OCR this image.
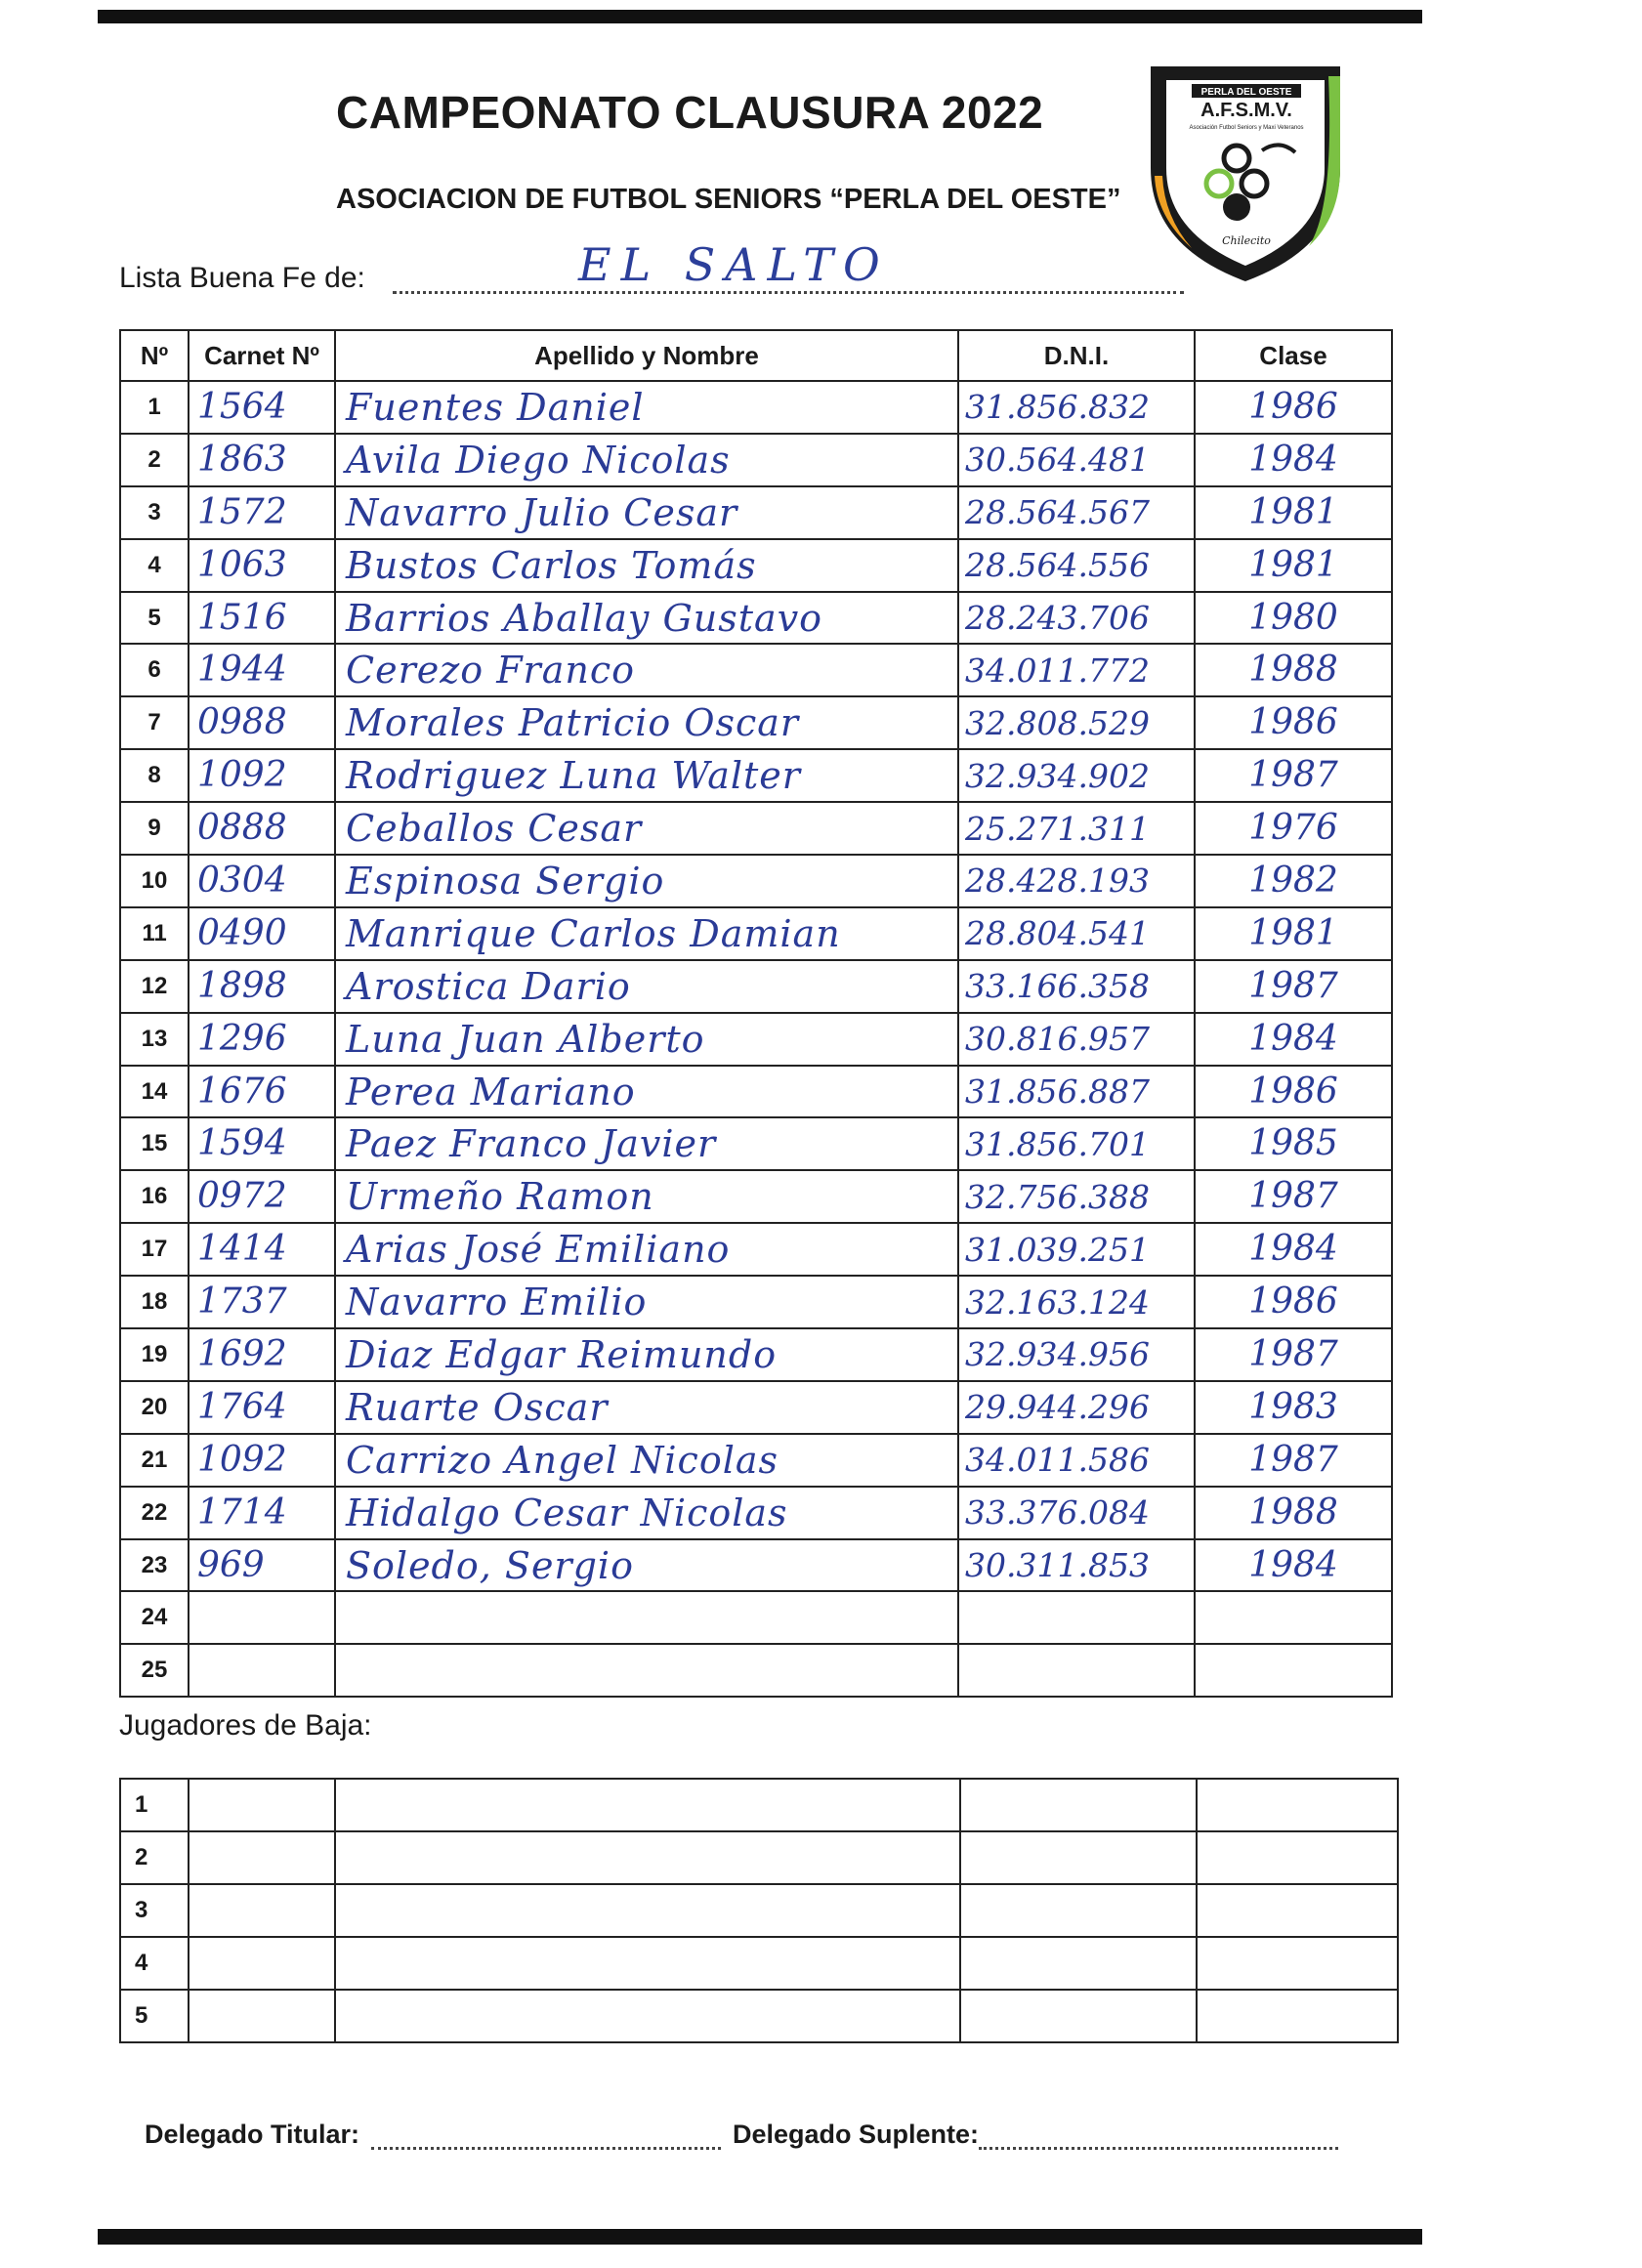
CAMPEONATO CLAUSURA 2022
ASOCIACION DE FUTBOL SENIORS “PERLA DEL OESTE”
PERLA DEL OESTE
A.F.S.M.V.
Asociación Futbol Seniors y Maxi Veteranos
Chilecito
Lista Buena Fe de:	EL SALTO
Nº	Carnet Nº	Apellido y Nombre	D.N.I.	Clase
1	1564	Fuentes Daniel	31.856.832	1986
2	1863	Avila Diego Nicolas	30.564.481	1984
3	1572	Navarro Julio Cesar	28.564.567	1981
4	1063	Bustos Carlos Tomás	28.564.556	1981
5	1516	Barrios Aballay Gustavo	28.243.706	1980
6	1944	Cerezo Franco	34.011.772	1988
7	0988	Morales Patricio Oscar	32.808.529	1986
8	1092	Rodriguez Luna Walter	32.934.902	1987
9	0888	Ceballos Cesar	25.271.311	1976
10	0304	Espinosa Sergio	28.428.193	1982
11	0490	Manrique Carlos Damian	28.804.541	1981
12	1898	Arostica Dario	33.166.358	1987
13	1296	Luna Juan Alberto	30.816.957	1984
14	1676	Perea Mariano	31.856.887	1986
15	1594	Paez Franco Javier	31.856.701	1985
16	0972	Urmeño Ramon	32.756.388	1987
17	1414	Arias José Emiliano	31.039.251	1984
18	1737	Navarro Emilio	32.163.124	1986
19	1692	Diaz Edgar Reimundo	32.934.956	1987
20	1764	Ruarte Oscar	29.944.296	1983
21	1092	Carrizo Angel Nicolas	34.011.586	1987
22	1714	Hidalgo Cesar Nicolas	33.376.084	1988
23	969	Soledo, Sergio	30.311.853	1984
24				
25				
Jugadores de Baja:
1				
2				
3				
4				
5				
Delegado Titular:	Delegado Suplente:
